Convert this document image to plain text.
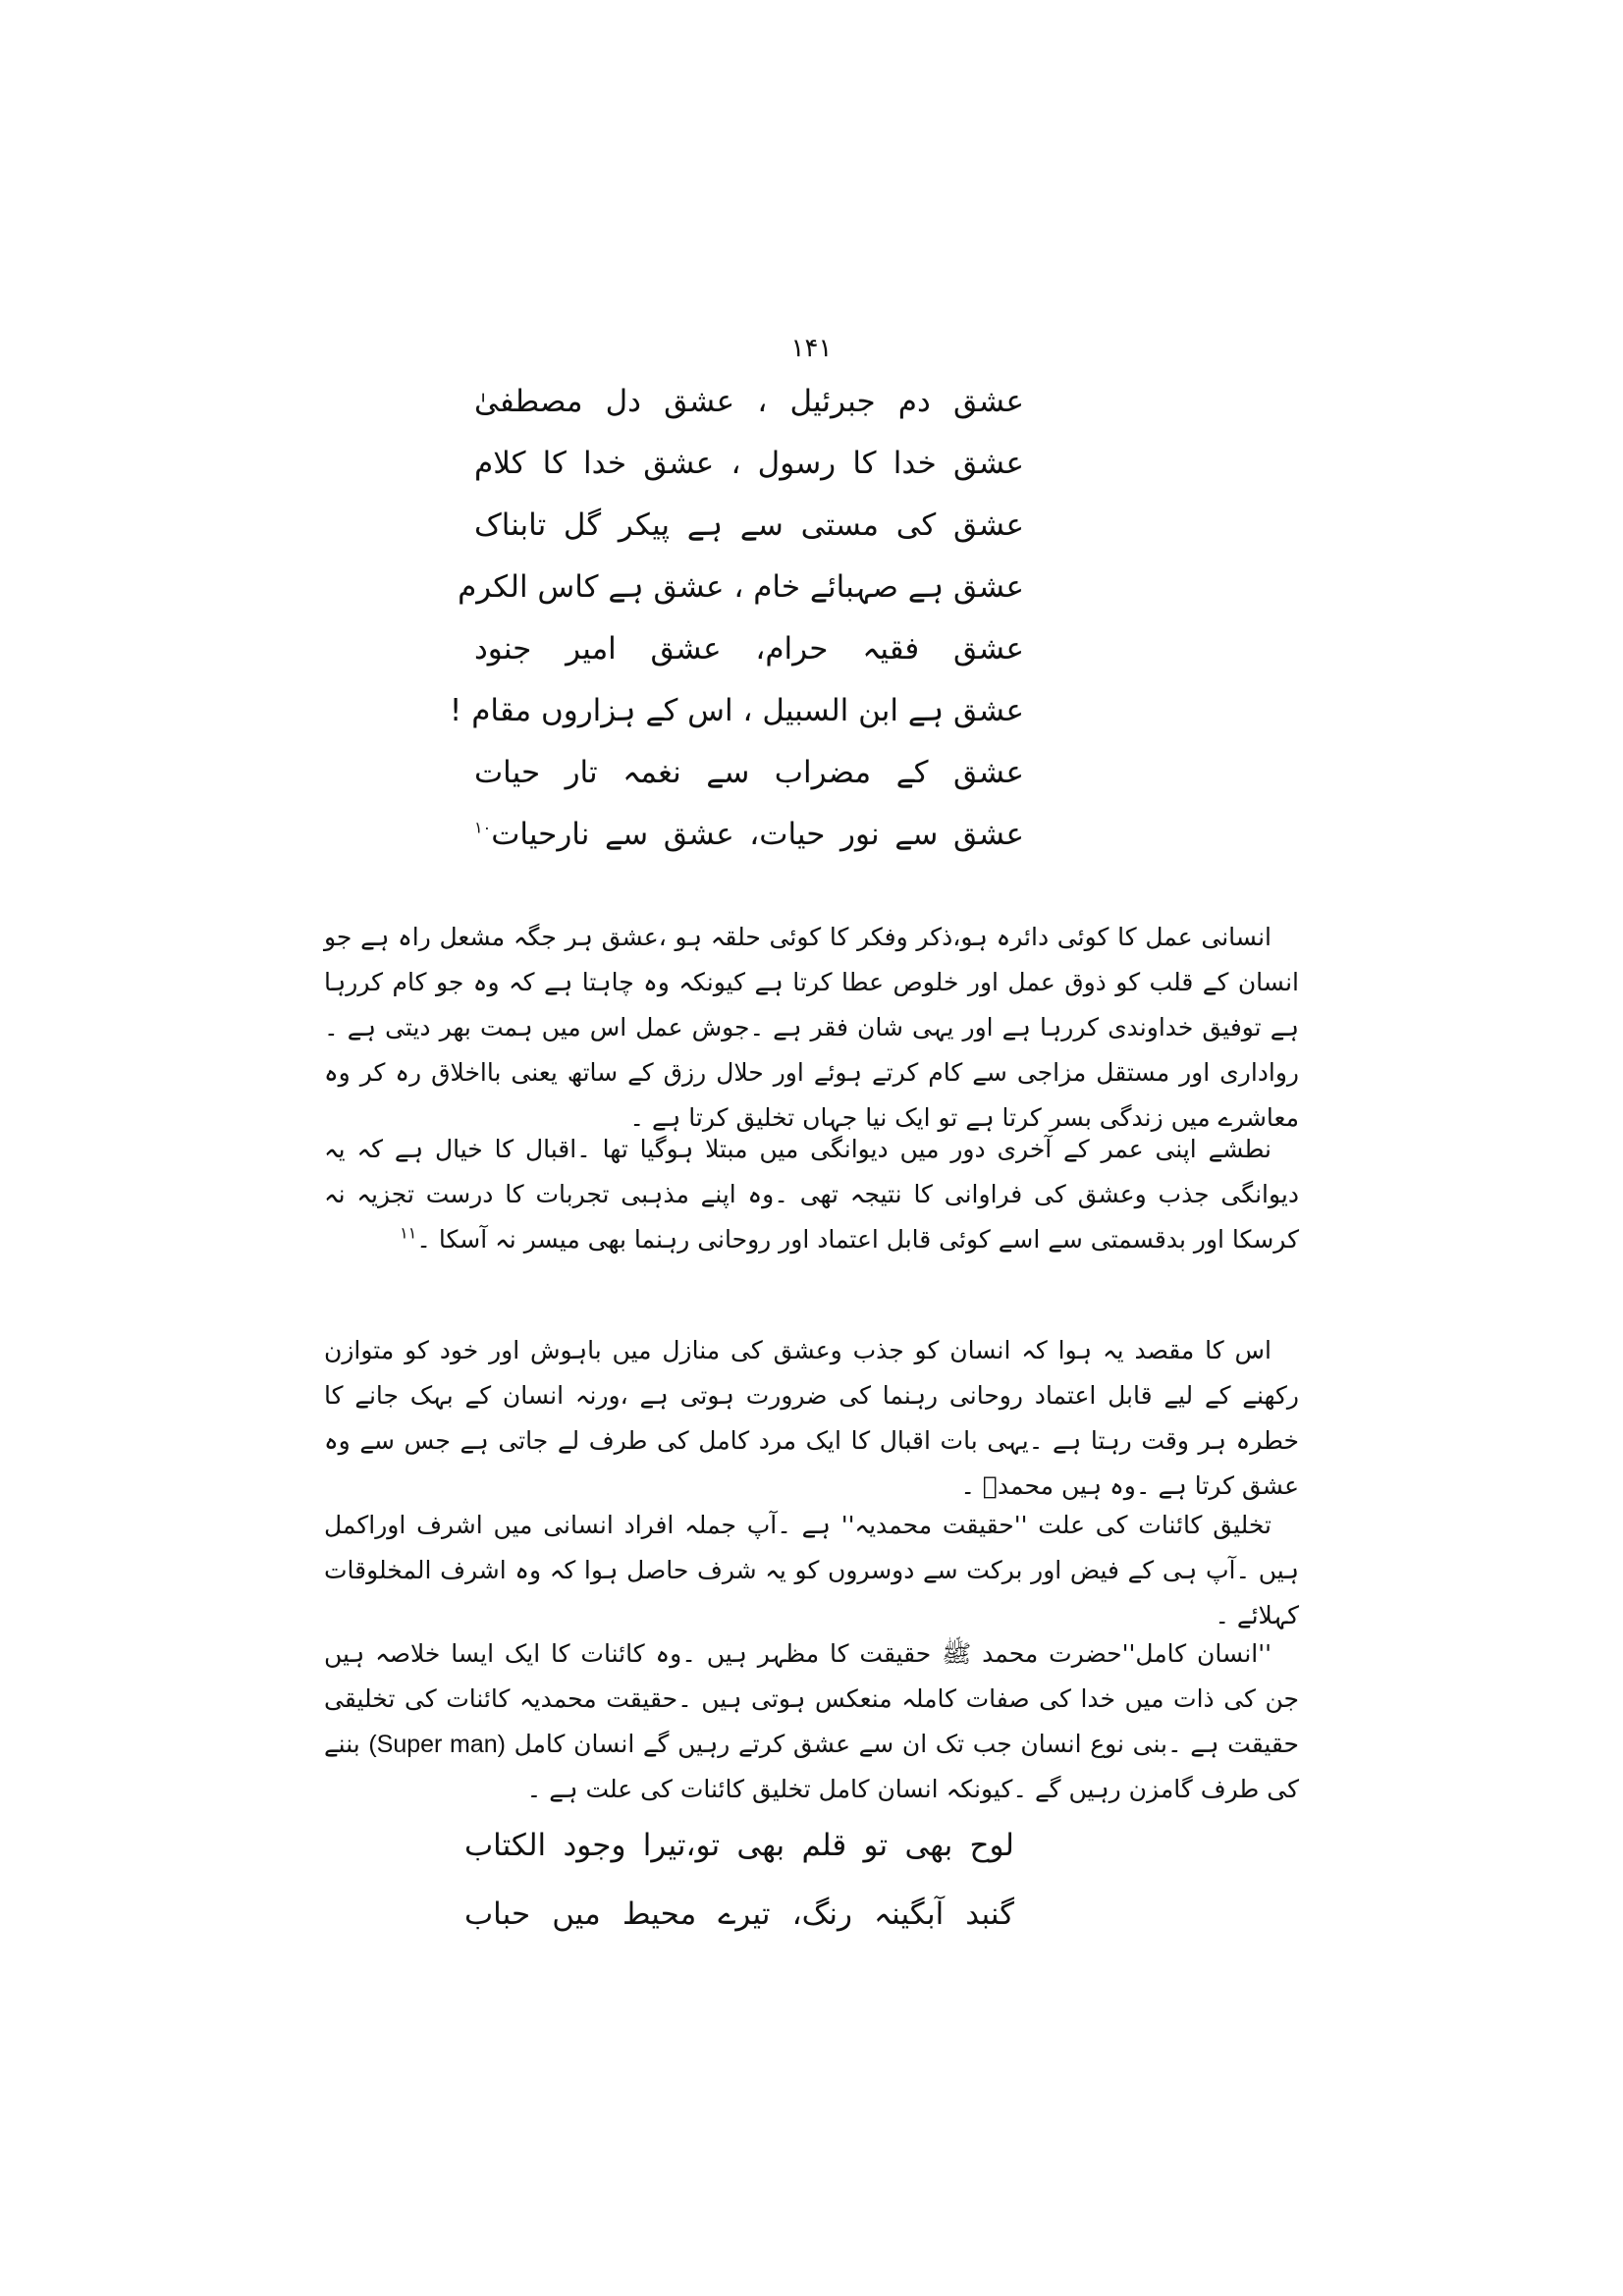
۱۴۱
عشق دم جبرئیل ، عشق دل مصطفیٰ
عشق خدا کا رسول ، عشق خدا کا کلام
عشق کی مستی سے ہے پیکر گل تابناک
عشق ہے صہبائے خام ، عشق ہے کاس الکرم
عشق فقیہ حرام، عشق امیر جنود
عشق ہے ابن السبیل ، اس کے ہزاروں مقام !
عشق کے مضراب سے نغمہ تار حیات
عشق سے نور حیات، عشق سے نارحیات$^{۱۰}$

انسانی عمل کا کوئی دائرہ ہو،ذکر وفکر کا کوئی حلقہ ہو ،عشق ہر جگہ مشعل راہ ہے جو انسان کے قلب کو ذوق عمل اور خلوص عطا کرتا ہے کیونکہ وہ چاہتا ہے کہ وہ جو کام کررہا ہے توفیق خداوندی کررہا ہے اور یہی شان فقر ہے ۔جوش عمل اس میں ہمت بھر دیتی ہے ۔رواداری اور مستقل مزاجی سے کام کرتے ہوئے اور حلال رزق کے ساتھ یعنی بااخلاق رہ کر وہ معاشرے میں زندگی بسر کرتا ہے تو ایک نیا جہاں تخلیق کرتا ہے ۔

نطشے اپنی عمر کے آخری دور میں دیوانگی میں مبتلا ہوگیا تھا ۔اقبال کا خیال ہے کہ یہ دیوانگی جذب وعشق کی فراوانی کا نتیجہ تھی ۔وہ اپنے مذہبی تجربات کا درست تجزیہ نہ کرسکا اور بدقسمتی سے اسے کوئی قابل اعتماد اور روحانی رہنما بھی میسر نہ آسکا ۔$^{۱۱}$

اس کا مقصد یہ ہوا کہ انسان کو جذب وعشق کی منازل میں باہوش اور خود کو متوازن رکھنے کے لیے قابل اعتماد روحانی رہنما کی ضرورت ہوتی ہے ،ورنہ انسان کے بہک جانے کا خطرہ ہر وقت رہتا ہے ۔یہی بات اقبال کا ایک مرد کامل کی طرف لے جاتی ہے جس سے وہ عشق کرتا ہے ۔وہ ہیں محمدؐ ۔

تخلیق کائنات کی علت ''حقیقت محمدیہ'' ہے ۔آپ جملہ افراد انسانی میں اشرف اوراکمل ہیں ۔آپ ہی کے فیض اور برکت سے دوسروں کو یہ شرف حاصل ہوا کہ وہ اشرف المخلوقات کہلائے ۔

''انسان کامل''حضرت محمد ﷺ حقیقت کا مظہر ہیں ۔وہ کائنات کا ایک ایسا خلاصہ ہیں جن کی ذات میں خدا کی صفات کاملہ منعکس ہوتی ہیں ۔حقیقت محمدیہ کائنات کی تخلیقی حقیقت ہے ۔بنی نوع انسان جب تک ان سے عشق کرتے رہیں گے انسان کامل (Super man) بننے کی طرف گامزن رہیں گے ۔کیونکہ انسان کامل تخلیق کائنات کی علت ہے ۔

لوح بھی تو قلم بھی تو،تیرا وجود الکتاب
گنبد آبگینہ رنگ، تیرے محیط میں حباب
